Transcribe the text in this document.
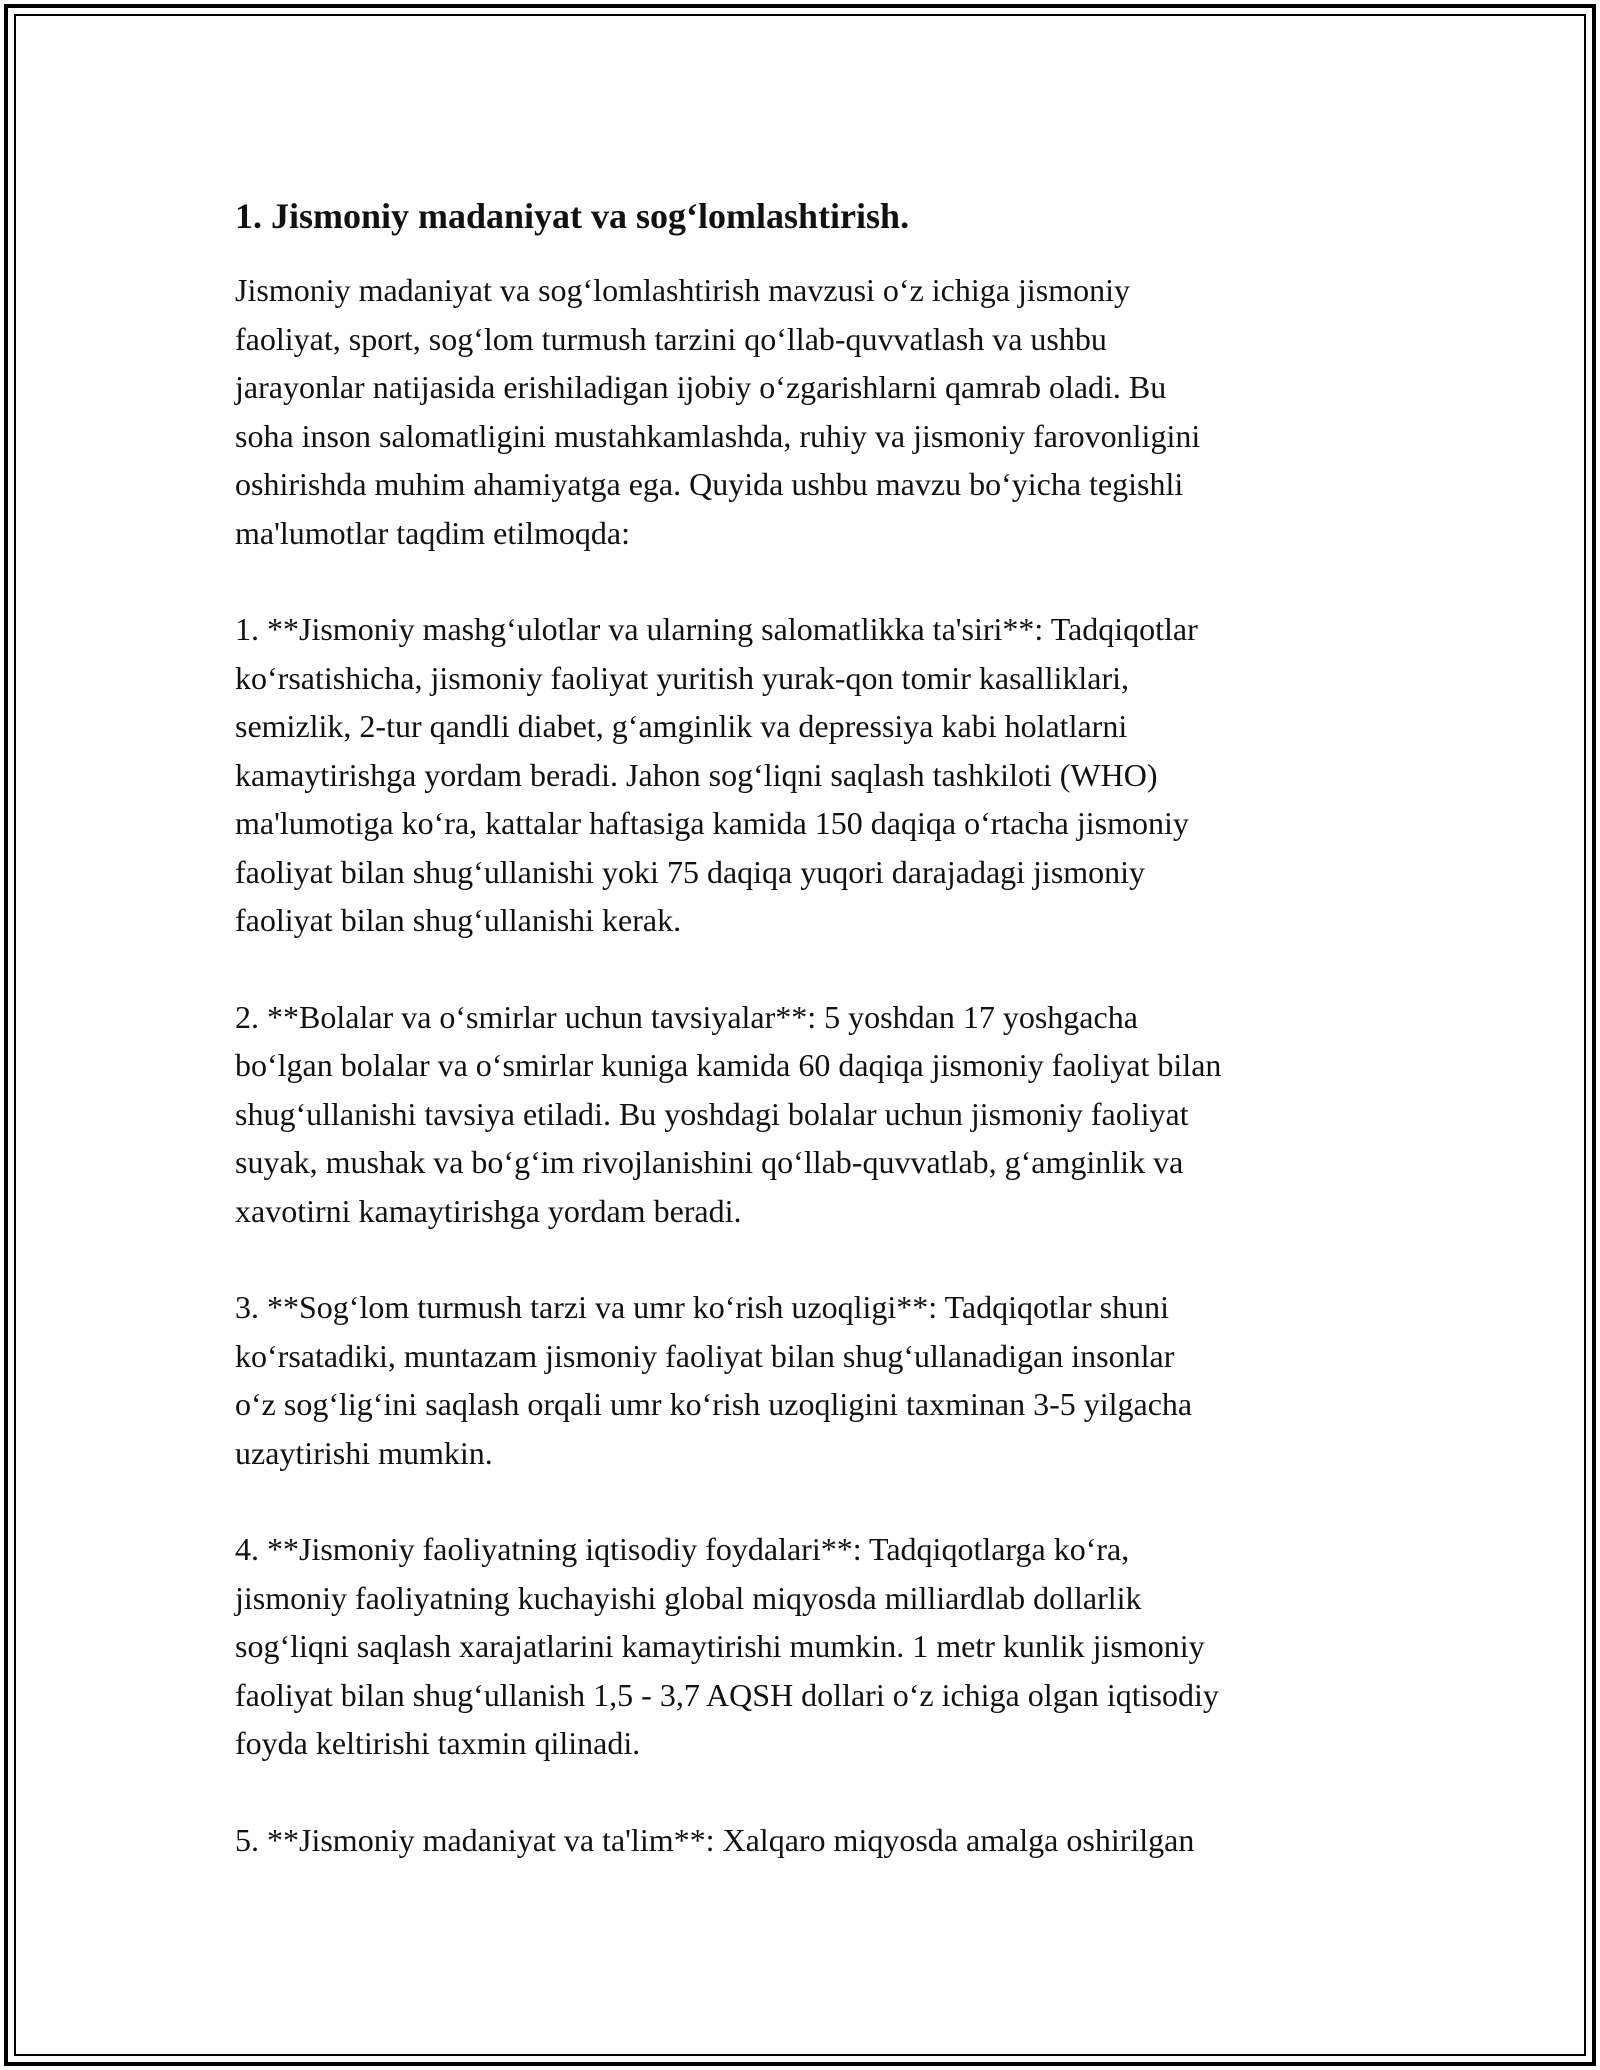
1. Jismoniy madaniyat va sog‘lomlashtirish.

Jismoniy madaniyat va sog‘lomlashtirish mavzusi o‘z ichiga jismoniy
faoliyat, sport, sog‘lom turmush tarzini qo‘llab-quvvatlash va ushbu
jarayonlar natijasida erishiladigan ijobiy o‘zgarishlarni qamrab oladi. Bu
soha inson salomatligini mustahkamlashda, ruhiy va jismoniy farovonligini
oshirishda muhim ahamiyatga ega. Quyida ushbu mavzu bo‘yicha tegishli
ma'lumotlar taqdim etilmoqda:

1. **Jismoniy mashg‘ulotlar va ularning salomatlikka ta'siri**: Tadqiqotlar
ko‘rsatishicha, jismoniy faoliyat yuritish yurak-qon tomir kasalliklari,
semizlik, 2-tur qandli diabet, g‘amginlik va depressiya kabi holatlarni
kamaytirishga yordam beradi. Jahon sog‘liqni saqlash tashkiloti (WHO)
ma'lumotiga ko‘ra, kattalar haftasiga kamida 150 daqiqa o‘rtacha jismoniy
faoliyat bilan shug‘ullanishi yoki 75 daqiqa yuqori darajadagi jismoniy
faoliyat bilan shug‘ullanishi kerak.

2. **Bolalar va o‘smirlar uchun tavsiyalar**: 5 yoshdan 17 yoshgacha
bo‘lgan bolalar va o‘smirlar kuniga kamida 60 daqiqa jismoniy faoliyat bilan
shug‘ullanishi tavsiya etiladi. Bu yoshdagi bolalar uchun jismoniy faoliyat
suyak, mushak va bo‘g‘im rivojlanishini qo‘llab-quvvatlab, g‘amginlik va
xavotirni kamaytirishga yordam beradi.

3. **Sog‘lom turmush tarzi va umr ko‘rish uzoqligi**: Tadqiqotlar shuni
ko‘rsatadiki, muntazam jismoniy faoliyat bilan shug‘ullanadigan insonlar
o‘z sog‘lig‘ini saqlash orqali umr ko‘rish uzoqligini taxminan 3-5 yilgacha
uzaytirishi mumkin.

4. **Jismoniy faoliyatning iqtisodiy foydalari**: Tadqiqotlarga ko‘ra,
jismoniy faoliyatning kuchayishi global miqyosda milliardlab dollarlik
sog‘liqni saqlash xarajatlarini kamaytirishi mumkin. 1 metr kunlik jismoniy
faoliyat bilan shug‘ullanish 1,5 - 3,7 AQSH dollari o‘z ichiga olgan iqtisodiy
foyda keltirishi taxmin qilinadi.

5. **Jismoniy madaniyat va ta'lim**: Xalqaro miqyosda amalga oshirilgan
